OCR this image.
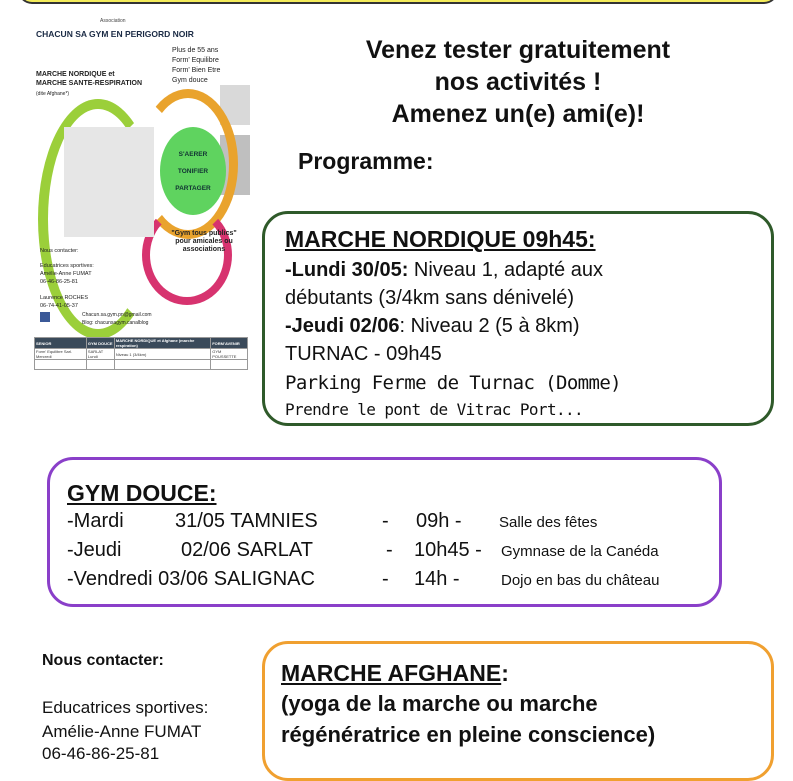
Association
CHACUN SA GYM EN PERIGORD NOIR
Plus de 55 ans
Form' Equilibre
Form' Bien Etre
Gym douce
MARCHE NORDIQUE et
MARCHE SANTE-RESPIRATION
(dite Afghane*)
S'AERER
TONIFIER
PARTAGER
"Gym tous publics" pour amicales ou associations
Nous contacter:
Educatrices sportives:
Amélie-Anne FUMAT
06-46-86-25-81
Laurence ROCHES
06-74-41-05-37
Chacun.sa.gym.pn@gmail.com
Blog: chacunsagym.canalblog
SENIOR	GYM DOUCE	MARCHE NORDIQUE et Afghane (marche respiration)	FORM'AVENIR
Form' Equilibre Sarl. Mercredi	SARLAT Lundi	Niveau 1 (3/4km)	GYM POUSSETTE

Venez tester gratuitement
nos activités !
Amenez un(e) ami(e)!
Programme:
MARCHE NORDIQUE 09h45:
-Lundi 30/05: Niveau 1, adapté aux
débutants (3/4km sans dénivelé)
-Jeudi 02/06: Niveau 2 (5 à 8km)
TURNAC - 09h45
Parking Ferme de Turnac (Domme)
Prendre le pont de Vitrac Port...
GYM DOUCE:
-Mardi	31/05 TAMNIES	- 09h - Salle des fêtes
-Jeudi	02/06 SARLAT	- 10h45 - Gymnase de la Canéda
-Vendredi 03/06 SALIGNAC	- 14h -	Dojo en bas du château
Nous contacter:
Educatrices sportives:
Amélie-Anne FUMAT
06-46-86-25-81
MARCHE AFGHANE:
(yoga de la marche ou marche
régénératrice en pleine conscience)
